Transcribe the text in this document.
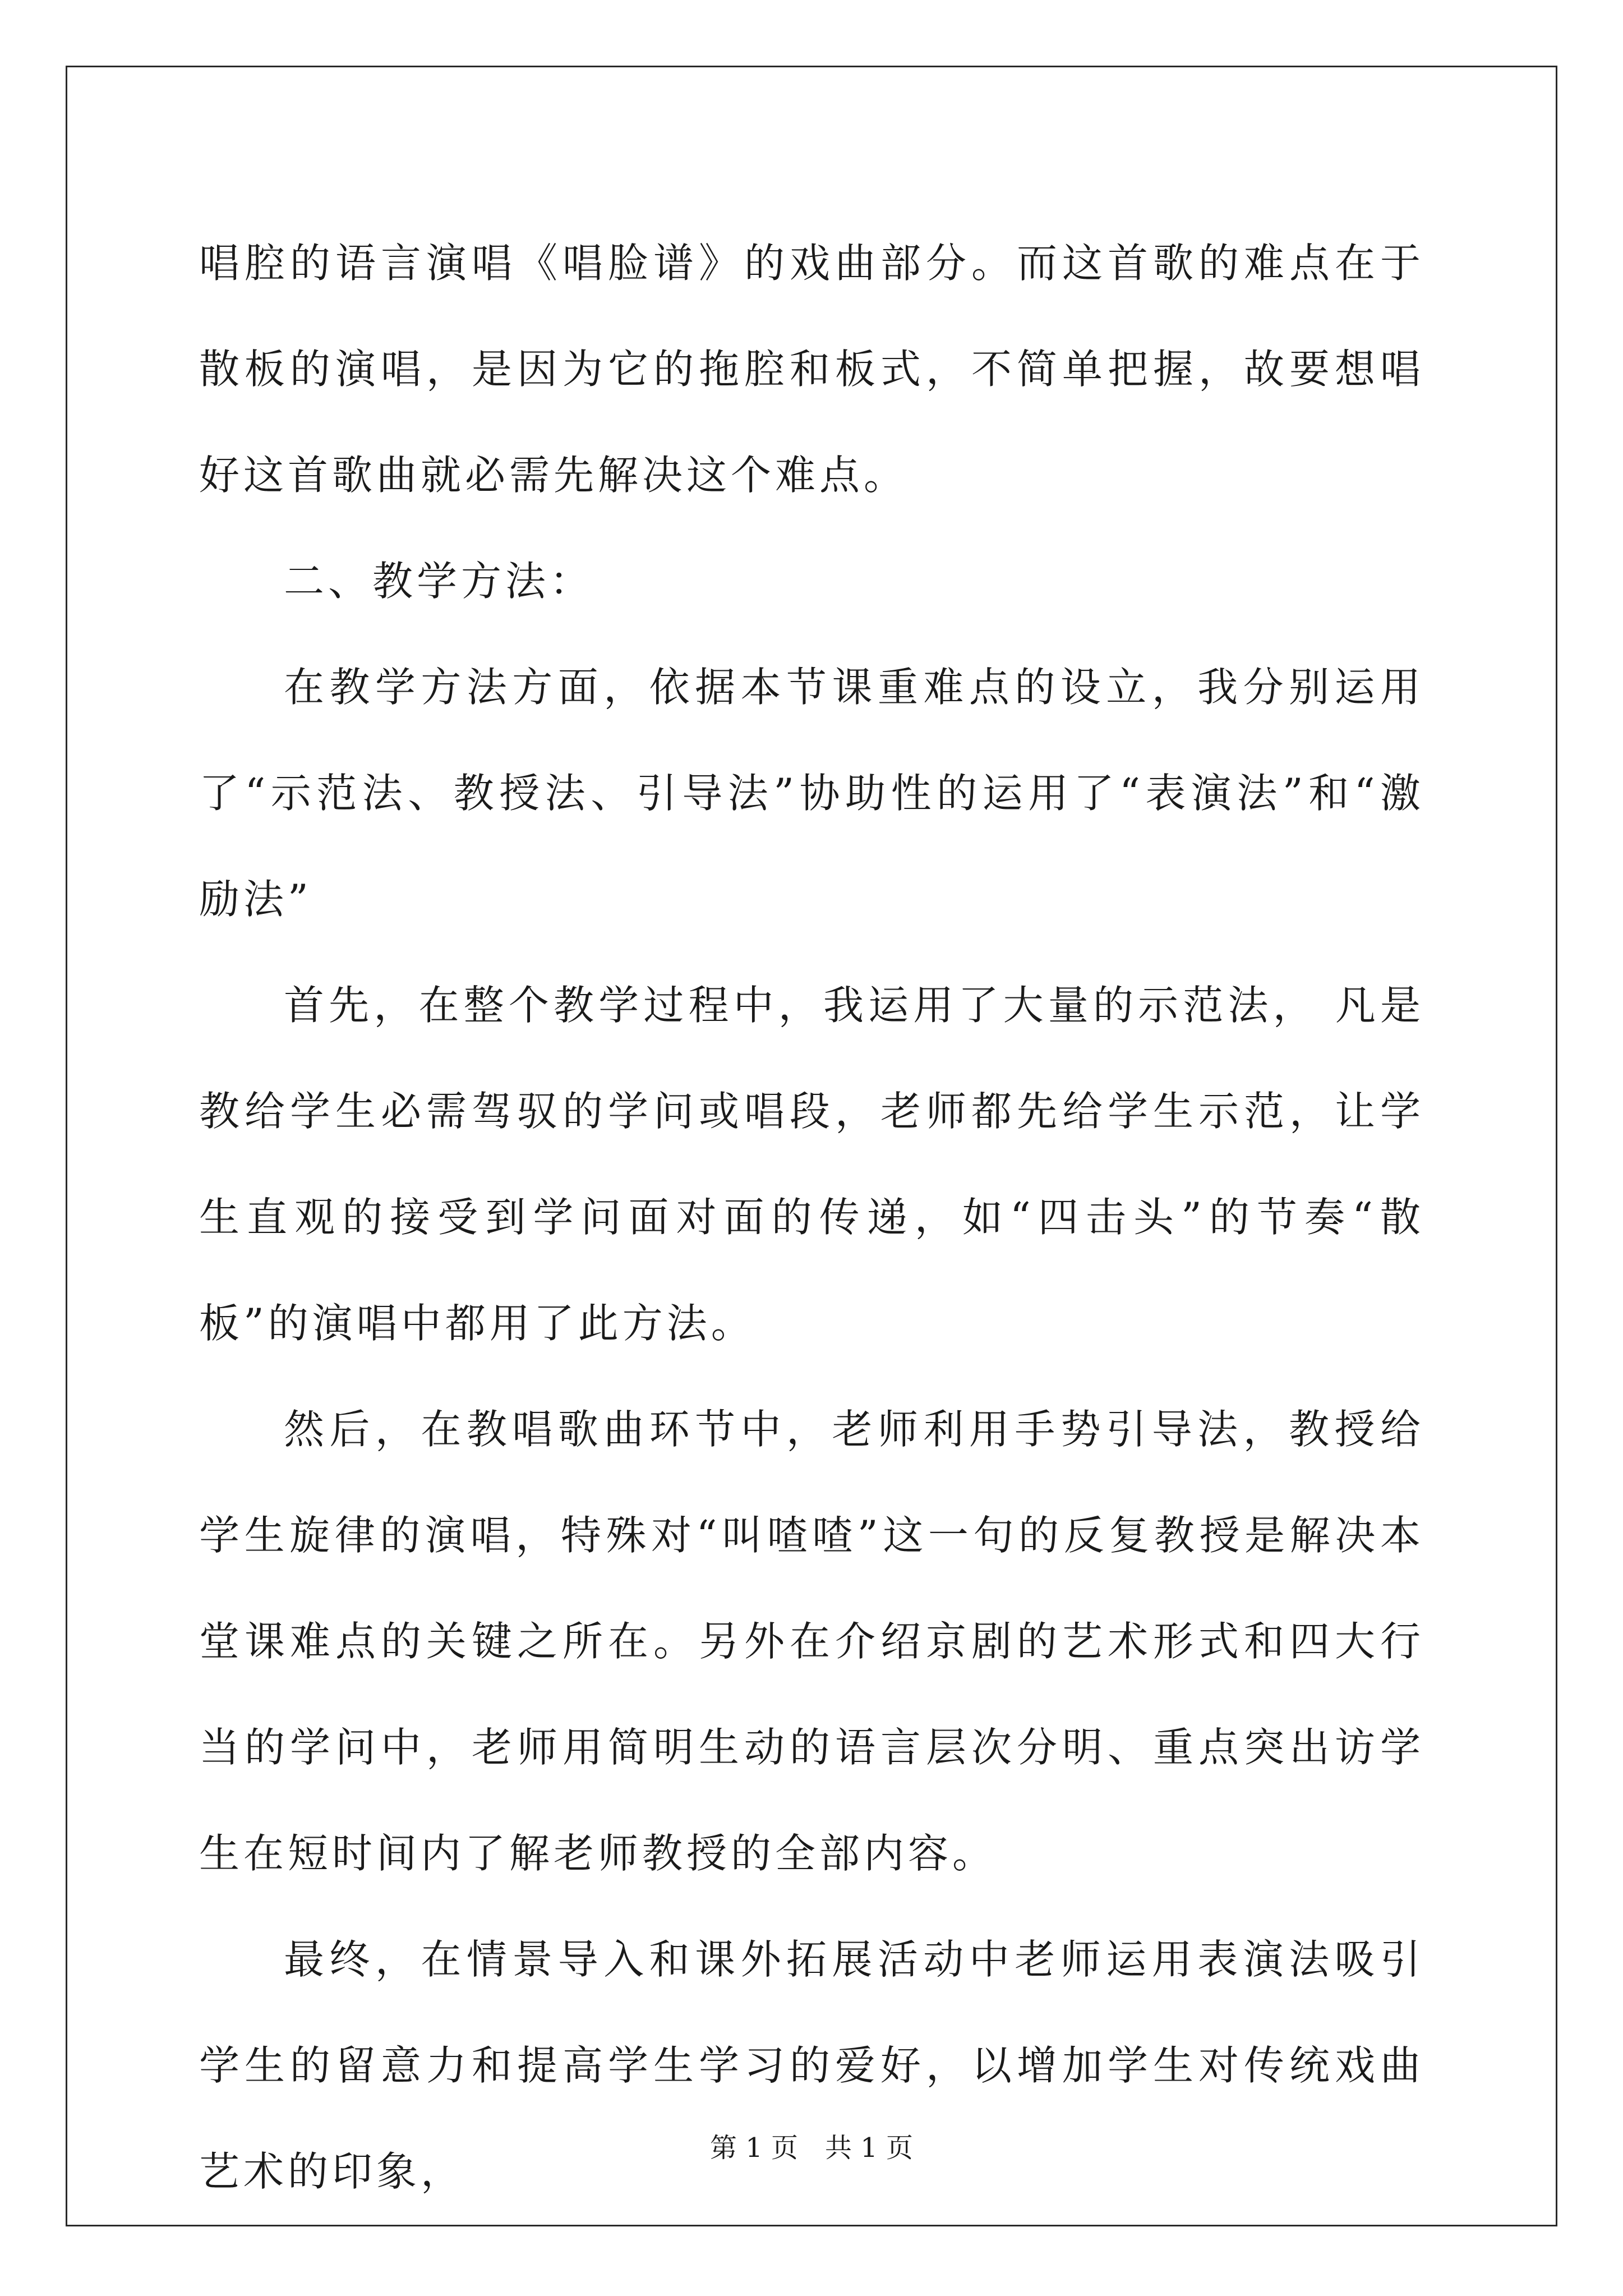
唱腔的语言演唱《唱脸谱》的戏曲部分。而这首歌的难点在于散板的演唱，是因为它的拖腔和板式，不简单把握，故要想唱好这首歌曲就必需先解决这个难点。

二、教学方法：

在教学方法方面，依据本节课重难点的设立，我分别运用了“示范法、教授法、引导法”协助性的运用了“表演法”和“激励法”

首先，在整个教学过程中，我运用了大量的示范法， 凡是教给学生必需驾驭的学问或唱段，老师都先给学生示范，让学生直观的接受到学问面对面的传递，如“四击头”的节奏“散板”的演唱中都用了此方法。

然后，在教唱歌曲环节中，老师利用手势引导法，教授给学生旋律的演唱，特殊对“叫喳喳”这一句的反复教授是解决本堂课难点的关键之所在。另外在介绍京剧的艺术形式和四大行当的学问中，老师用简明生动的语言层次分明、重点突出访学生在短时间内了解老师教授的全部内容。

最终，在情景导入和课外拓展活动中老师运用表演法吸引学生的留意力和提高学生学习的爱好，以增加学生对传统戏曲艺术的印象，	第 1 页　共 1 页
